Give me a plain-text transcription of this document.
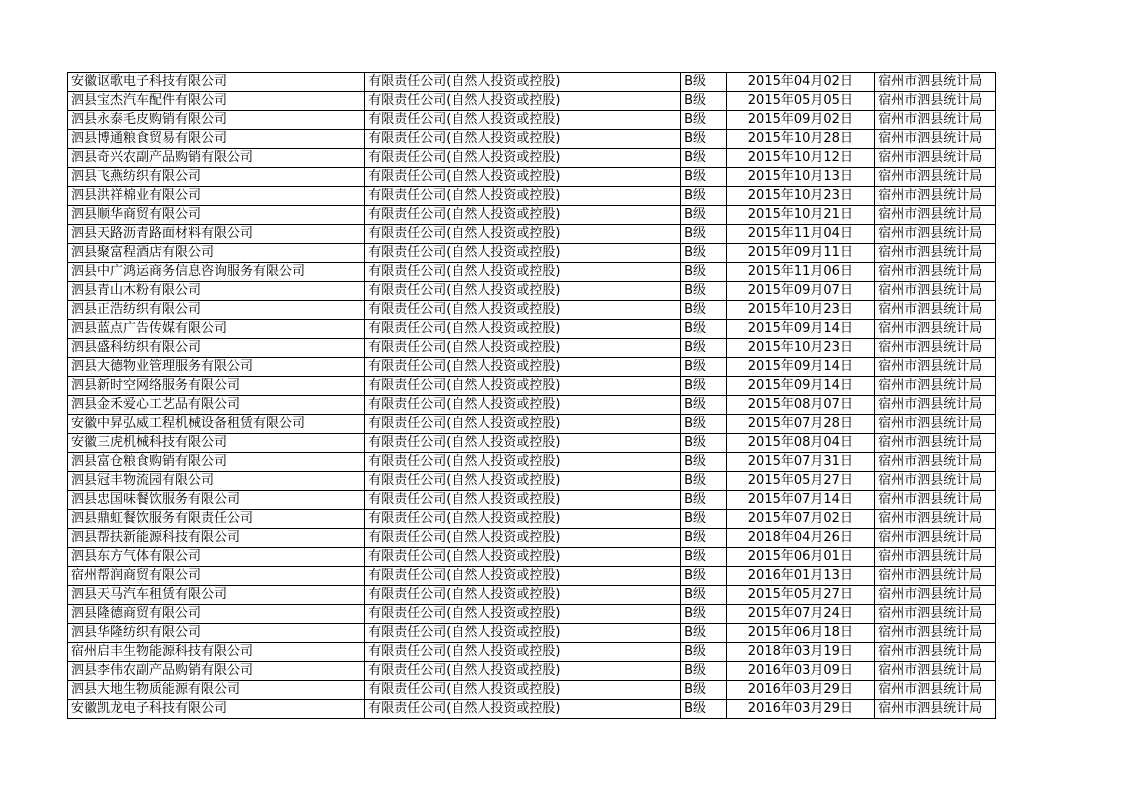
安徽讴歌电子科技有限公司	有限责任公司(自然人投资或控股)	B级	2015年04月02日	宿州市泗县统计局
泗县宝杰汽车配件有限公司	有限责任公司(自然人投资或控股)	B级	2015年05月05日	宿州市泗县统计局
泗县永泰毛皮购销有限公司	有限责任公司(自然人投资或控股)	B级	2015年09月02日	宿州市泗县统计局
泗县博通粮食贸易有限公司	有限责任公司(自然人投资或控股)	B级	2015年10月28日	宿州市泗县统计局
泗县奇兴农副产品购销有限公司	有限责任公司(自然人投资或控股)	B级	2015年10月12日	宿州市泗县统计局
泗县飞燕纺织有限公司	有限责任公司(自然人投资或控股)	B级	2015年10月13日	宿州市泗县统计局
泗县洪祥棉业有限公司	有限责任公司(自然人投资或控股)	B级	2015年10月23日	宿州市泗县统计局
泗县顺华商贸有限公司	有限责任公司(自然人投资或控股)	B级	2015年10月21日	宿州市泗县统计局
泗县天路沥青路面材料有限公司	有限责任公司(自然人投资或控股)	B级	2015年11月04日	宿州市泗县统计局
泗县聚富程酒店有限公司	有限责任公司(自然人投资或控股)	B级	2015年09月11日	宿州市泗县统计局
泗县中广鸿运商务信息咨询服务有限公司	有限责任公司(自然人投资或控股)	B级	2015年11月06日	宿州市泗县统计局
泗县青山木粉有限公司	有限责任公司(自然人投资或控股)	B级	2015年09月07日	宿州市泗县统计局
泗县正浩纺织有限公司	有限责任公司(自然人投资或控股)	B级	2015年10月23日	宿州市泗县统计局
泗县蓝点广告传媒有限公司	有限责任公司(自然人投资或控股)	B级	2015年09月14日	宿州市泗县统计局
泗县盛科纺织有限公司	有限责任公司(自然人投资或控股)	B级	2015年10月23日	宿州市泗县统计局
泗县大德物业管理服务有限公司	有限责任公司(自然人投资或控股)	B级	2015年09月14日	宿州市泗县统计局
泗县新时空网络服务有限公司	有限责任公司(自然人投资或控股)	B级	2015年09月14日	宿州市泗县统计局
泗县金禾爱心工艺品有限公司	有限责任公司(自然人投资或控股)	B级	2015年08月07日	宿州市泗县统计局
安徽中昇弘威工程机械设备租赁有限公司	有限责任公司(自然人投资或控股)	B级	2015年07月28日	宿州市泗县统计局
安徽三虎机械科技有限公司	有限责任公司(自然人投资或控股)	B级	2015年08月04日	宿州市泗县统计局
泗县富仓粮食购销有限公司	有限责任公司(自然人投资或控股)	B级	2015年07月31日	宿州市泗县统计局
泗县冠丰物流园有限公司	有限责任公司(自然人投资或控股)	B级	2015年05月27日	宿州市泗县统计局
泗县忠国味餐饮服务有限公司	有限责任公司(自然人投资或控股)	B级	2015年07月14日	宿州市泗县统计局
泗县鼎虹餐饮服务有限责任公司	有限责任公司(自然人投资或控股)	B级	2015年07月02日	宿州市泗县统计局
泗县帮扶新能源科技有限公司	有限责任公司(自然人投资或控股)	B级	2018年04月26日	宿州市泗县统计局
泗县东方气体有限公司	有限责任公司(自然人投资或控股)	B级	2015年06月01日	宿州市泗县统计局
宿州帮润商贸有限公司	有限责任公司(自然人投资或控股)	B级	2016年01月13日	宿州市泗县统计局
泗县天马汽车租赁有限公司	有限责任公司(自然人投资或控股)	B级	2015年05月27日	宿州市泗县统计局
泗县隆德商贸有限公司	有限责任公司(自然人投资或控股)	B级	2015年07月24日	宿州市泗县统计局
泗县华隆纺织有限公司	有限责任公司(自然人投资或控股)	B级	2015年06月18日	宿州市泗县统计局
宿州启丰生物能源科技有限公司	有限责任公司(自然人投资或控股)	B级	2018年03月19日	宿州市泗县统计局
泗县李伟农副产品购销有限公司	有限责任公司(自然人投资或控股)	B级	2016年03月09日	宿州市泗县统计局
泗县大地生物质能源有限公司	有限责任公司(自然人投资或控股)	B级	2016年03月29日	宿州市泗县统计局
安徽凯龙电子科技有限公司	有限责任公司(自然人投资或控股)	B级	2016年03月29日	宿州市泗县统计局
